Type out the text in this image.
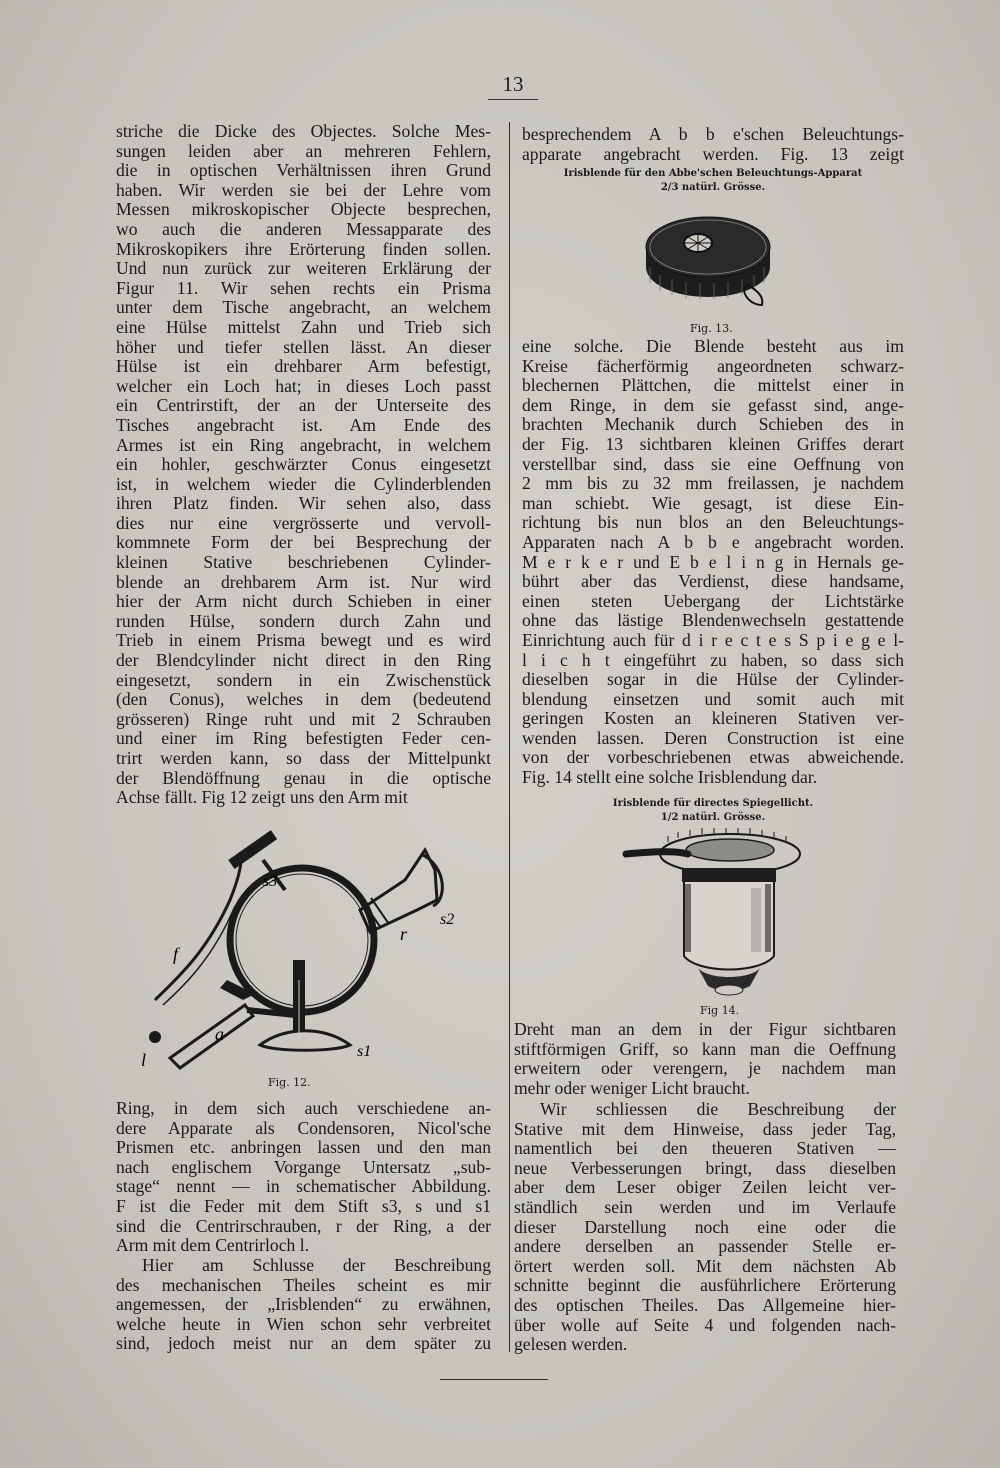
13
striche die Dicke des Objectes. Solche Mes-
sungen leiden aber an mehreren Fehlern,
die in optischen Verhältnissen ihren Grund
haben. Wir werden sie bei der Lehre vom
Messen mikroskopischer Objecte besprechen,
wo auch die anderen Messapparate des
Mikroskopikers ihre Erörterung finden sollen.
Und nun zurück zur weiteren Erklärung der
Figur 11. Wir sehen rechts ein Prisma
unter dem Tische angebracht, an welchem
eine Hülse mittelst Zahn und Trieb sich
höher und tiefer stellen lässt. An dieser
Hülse ist ein drehbarer Arm befestigt,
welcher ein Loch hat; in dieses Loch passt
ein Centrirstift, der an der Unterseite des
Tisches angebracht ist. Am Ende des
Armes ist ein Ring angebracht, in welchem
ein hohler, geschwärzter Conus eingesetzt
ist, in welchem wieder die Cylinderblenden
ihren Platz finden. Wir sehen also, dass
dies nur eine vergrösserte und vervoll-
kommnete Form der bei Besprechung der
kleinen Stative beschriebenen Cylinder-
blende an drehbarem Arm ist. Nur wird
hier der Arm nicht durch Schieben in einer
runden Hülse, sondern durch Zahn und
Trieb in einem Prisma bewegt und es wird
der Blendcylinder nicht direct in den Ring
eingesetzt, sondern in ein Zwischenstück
(den Conus), welches in dem (bedeutend
grösseren) Ringe ruht und mit 2 Schrauben
und einer im Ring befestigten Feder cen-
trirt werden kann, so dass der Mittelpunkt
der Blendöffnung genau in die optische
Achse fällt. Fig 12 zeigt uns den Arm mit
s3
s2
r
f
a
l	s1
Fig. 12.
Ring, in dem sich auch verschiedene an-
dere Apparate als Condensoren, Nicol'sche
Prismen etc. anbringen lassen und den man
nach englischem Vorgange Untersatz „sub-
stage“ nennt — in schematischer Abbildung.
F ist die Feder mit dem Stift s3, s und s1
sind die Centrirschrauben, r der Ring, a der
Arm mit dem Centrirloch l.
Hier am Schlusse der Beschreibung
des mechanischen Theiles scheint es mir
angemessen, der „Irisblenden“ zu erwähnen,
welche heute in Wien schon sehr verbreitet
sind, jedoch meist nur an dem später zu
besprechendem A b b e'schen Beleuchtungs-
apparate angebracht werden. Fig. 13 zeigt
Irisblende für den Abbe'schen Beleuchtungs-Apparat
2/3 natürl. Grösse.
Fig. 13.
eine solche. Die Blende besteht aus im
Kreise fächerförmig angeordneten schwarz-
blechernen Plättchen, die mittelst einer in
dem Ringe, in dem sie gefasst sind, ange-
brachten Mechanik durch Schieben des in
der Fig. 13 sichtbaren kleinen Griffes derart
verstellbar sind, dass sie eine Oeffnung von
2 mm bis zu 32 mm freilassen, je nachdem
man schiebt. Wie gesagt, ist diese Ein-
richtung bis nun blos an den Beleuchtungs-
Apparaten nach A b b e angebracht worden.
M e r k e r und E b e l i n g in Hernals ge-
bührt aber das Verdienst, diese handsame,
einen steten Uebergang der Lichtstärke
ohne das lästige Blendenwechseln gestattende
Einrichtung auch für d i r e c t e s S p i e g e l-
l i c h t eingeführt zu haben, so dass sich
dieselben sogar in die Hülse der Cylinder-
blendung einsetzen und somit auch mit
geringen Kosten an kleineren Stativen ver-
wenden lassen. Deren Construction ist eine
von der vorbeschriebenen etwas abweichende.
Fig. 14 stellt eine solche Irisblendung dar.
Irisblende für directes Spiegellicht.
1/2 natürl. Grösse.
Fig 14.
Dreht man an dem in der Figur sichtbaren
stiftförmigen Griff, so kann man die Oeffnung
erweitern oder verengern, je nachdem man
mehr oder weniger Licht braucht.
Wir schliessen die Beschreibung der
Stative mit dem Hinweise, dass jeder Tag,
namentlich bei den theueren Stativen —
neue Verbesserungen bringt, dass dieselben
aber dem Leser obiger Zeilen leicht ver-
ständlich sein werden und im Verlaufe
dieser Darstellung noch eine oder die
andere derselben an passender Stelle er-
örtert werden soll. Mit dem nächsten Ab
schnitte beginnt die ausführlichere Erörterung
des optischen Theiles. Das Allgemeine hier-
über wolle auf Seite 4 und folgenden nach-
gelesen werden.
